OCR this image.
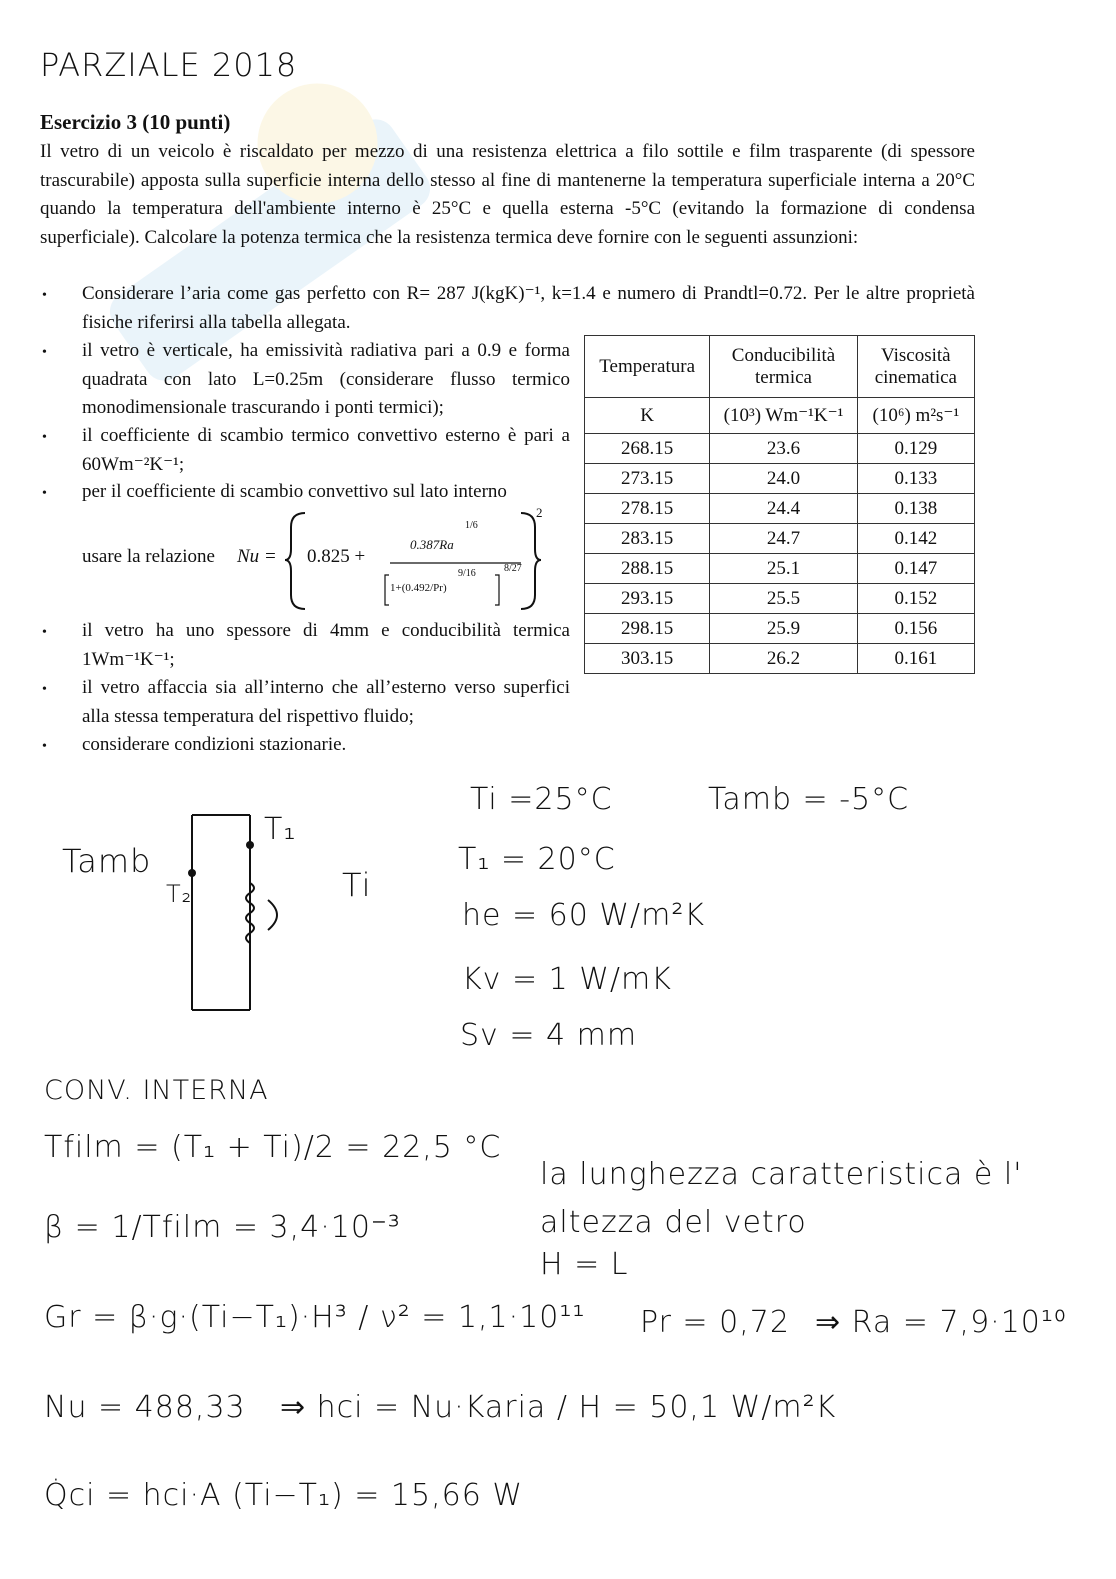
PARZIALE 2018
Esercizio 3 (10 punti)
Il vetro di un veicolo è riscaldato per mezzo di una resistenza elettrica a filo sottile e film trasparente (di spessore trascurabile) apposta sulla superficie interna dello stesso al fine di mantenerne la temperatura superficiale interna a 20°C quando la temperatura dell'ambiente interno è 25°C e quella esterna -5°C (evitando la formazione di condensa superficiale). Calcolare la potenza termica che la resistenza termica deve fornire con le seguenti assunzioni:
• Considerare l’aria come gas perfetto con R= 287 J(kgK)⁻¹, k=1.4 e numero di Prandtl=0.72. Per le altre proprietà fisiche riferirsi alla tabella allegata.
• il vetro è verticale, ha emissività radiativa pari a 0.9 e forma quadrata con lato L=0.25m (considerare flusso termico monodimensionale trascurando i ponti termici);
• il coefficiente di scambio termico convettivo esterno è pari a 60Wm⁻²K⁻¹;
• per il coefficiente di scambio convettivo sul lato interno
usare la relazione Nu = 0.825 +
0.387Ra
1/6
1+(0.492/Pr)
9/16	8/27
2
• il vetro ha uno spessore di 4mm e conducibilità termica 1Wm⁻¹K⁻¹;
• il vetro affaccia sia all’interno che all’esterno verso superfici alla stessa temperatura del rispettivo fluido;
• considerare condizioni stazionarie.
Temperatura	Conducibilità termica	Viscosità cinematica
K	(10³) Wm⁻¹K⁻¹	(10⁶) m²s⁻¹
268.15	23.6	0.129
273.15	24.0	0.133
278.15	24.4	0.138
283.15	24.7	0.142
288.15	25.1	0.147
293.15	25.5	0.152
298.15	25.9	0.156
303.15	26.2	0.161
Tamb
T₁
T₂	Ti
Ti =25°C	Tamb = -5°C
T₁ = 20°C
he = 60 W/m²K
Kv = 1 W/mK
Sv = 4 mm
CONV. INTERNA
Tfilm = (T₁ + Ti)/2 = 22,5 °C
β = 1/Tfilm = 3,4·10⁻³
la lunghezza caratteristica è l'
altezza del vetro
H = L
Gr = β·g·(Ti−T₁)·H³ / ν² = 1,1·10¹¹ Pr = 0,72 ⇒ Ra = 7,9·10¹⁰
Nu = 488,33 ⇒ hci = Nu·Karia / H = 50,1 W/m²K
Q̇ci = hci·A (Ti−T₁) = 15,66 W
